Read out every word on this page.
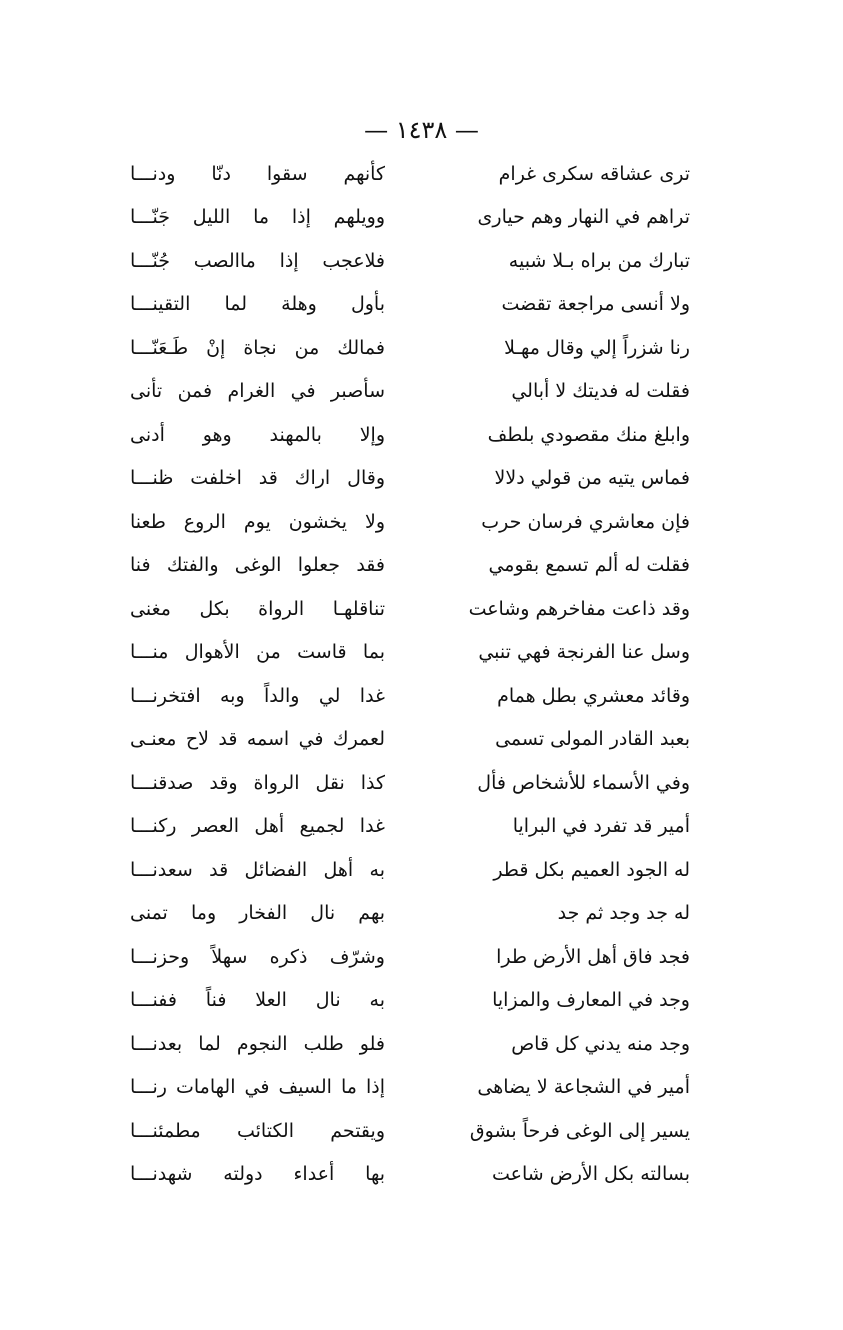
— ١٤٣٨ —
ترى عشاقه سكرى غرام
كأنهم سقوا دنّا ودنـــا
تراهم في النهار وهم حيارى
وويلهم إذا ما الليل جَنّـــا
تبارك من براه بـلا شبيه
فلاعجب إذا ماالصب جُنّـــا
ولا أنسى مراجعة تقضت
بأول وهلة لما التقينـــا
رنا شزراً إلي وقال مهـلا
فمالك من نجاة إنْ طَـعَنّـــا
فقلت له فديتك لا أبالي
سأصبر في الغرام فمن تأنى
وابلغ منك مقصودي بلطف
وإلا بالمهند وهو أدنى
فماس يتيه من قولي دلالا
وقال اراك قد اخلفت ظنـــا
فإن معاشري فرسان حرب
ولا يخشون يوم الروع طعنا
فقلت له ألم تسمع بقومي
فقد جعلوا الوغى والفتك فنا
وقد ذاعت مفاخرهم وشاعت
تناقلهـا الرواة بكل مغنى
وسل عنا الفرنجة فهي تنبي
بما قاست من الأهوال منـــا
وقائد معشري بطل همام
غدا لي والداً وبه افتخرنـــا
بعبد القادر المولى تسمى
لعمرك في اسمه قد لاح معنـى
وفي الأسماء للأشخاص فأل
كذا نقل الرواة وقد صدقنـــا
أمير قد تفرد في البرايا
غدا لجميع أهل العصر ركنـــا
له الجود العميم بكل قطر
به أهل الفضائل قد سعدنـــا
له جد وجد ثم جد
بهم نال الفخار وما تمنى
فجد فاق أهل الأرض طرا
وشرّف ذكره سهلاً وحزنـــا
وجد في المعارف والمزايا
به نال العلا فناً ففنـــا
وجد منه يدني كل قاص
فلو طلب النجوم لما بعدنـــا
أمير في الشجاعة لا يضاهى
إذا ما السيف في الهامات رنـــا
يسير إلى الوغى فرحاً بشوق
ويقتحم الكتائب مطمئنـــا
بسالته بكل الأرض شاعت
بها أعداء دولته شهدنـــا
